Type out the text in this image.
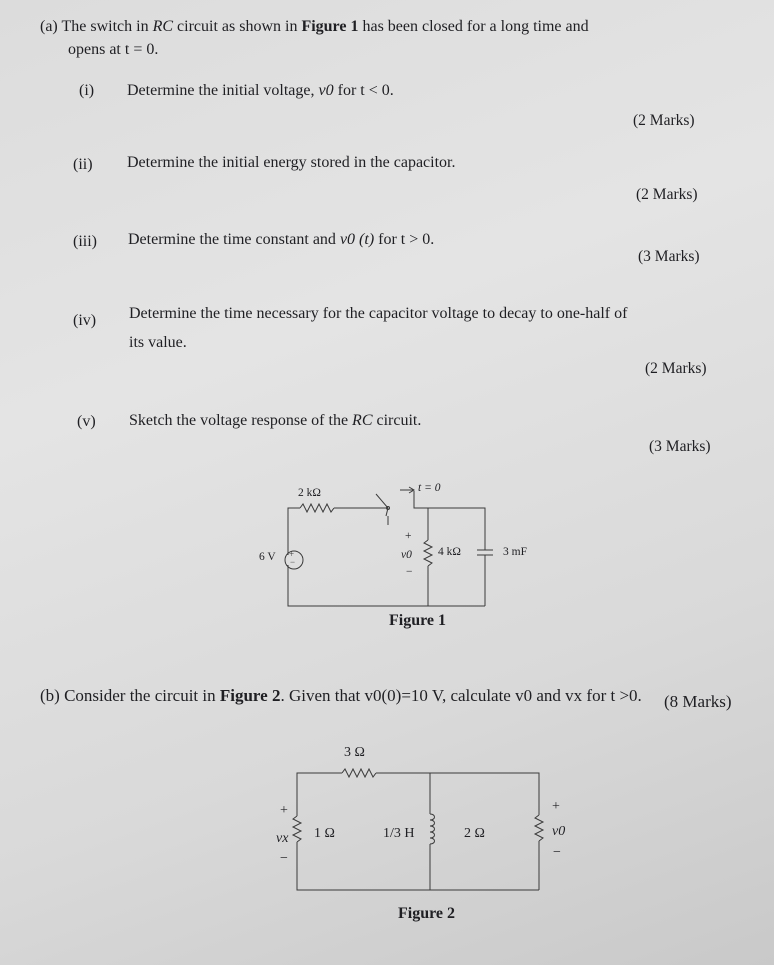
(a) The switch in RC circuit as shown in Figure 1 has been closed for a long time and
opens at t = 0.
(i) Determine the initial voltage, v0 for t < 0.
(2 Marks)
(ii) Determine the initial energy stored in the capacitor.
(2 Marks)
(iii) Determine the time constant and v0 (t) for t > 0.
(3 Marks)
(iv) Determine the time necessary for the capacitor voltage to decay to one-half of
its value.
(2 Marks)
(v) Sketch the voltage response of the RC circuit.
(3 Marks)
+
−
2 kΩ	t = 0
6 V
+
v0
−
4 kΩ	3 mF
Figure 1
(b) Consider the circuit in Figure 2. Given that v0(0)=10 V, calculate v0 and vx for t >0. (8 Marks)
3 Ω
+
vx
−
1 Ω	1/3 H	2 Ω
+
v0
−
Figure 2
